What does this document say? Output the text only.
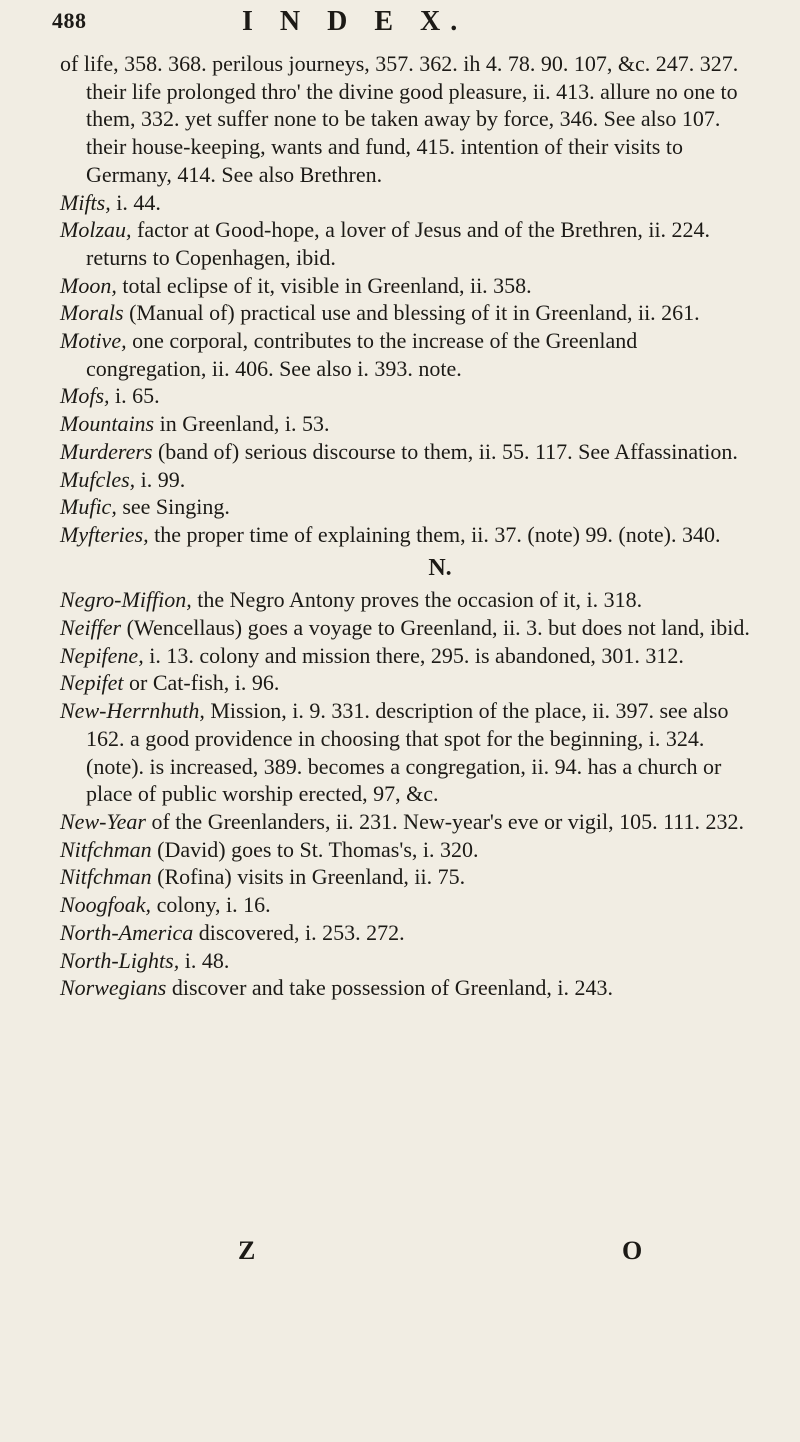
488	I N D E X.

of life, 358. 368. perilous journeys, 357. 362. ih 4. 78. 90. 107, &c. 247. 327. their life prolonged thro' the divine good pleasure, ii. 413. allure no one to them, 332. yet suffer none to be taken away by force, 346. See also 107. their house-keeping, wants and fund, 415. intention of their visits to Germany, 414. See also Brethren.

Mifts, i. 44.

Molzau, factor at Good-hope, a lover of Jesus and of the Brethren, ii. 224. returns to Copenhagen, ibid.

Moon, total eclipse of it, visible in Greenland, ii. 358.

Morals (Manual of) practical use and blessing of it in Greenland, ii. 261.

Motive, one corporal, contributes to the increase of the Greenland congregation, ii. 406. See also i. 393. note.

Mofs, i. 65.

Mountains in Greenland, i. 53.

Murderers (band of) serious discourse to them, ii. 55. 117. See Affassination.

Mufcles, i. 99.

Mufic, see Singing.

Myfteries, the proper time of explaining them, ii. 37. (note) 99. (note). 340.

N.

Negro-Miffion, the Negro Antony proves the occasion of it, i. 318.

Neiffer (Wencellaus) goes a voyage to Greenland, ii. 3. but does not land, ibid.

Nepifene, i. 13. colony and mission there, 295. is abandoned, 301. 312.

Nepifet or Cat-fish, i. 96.

New-Herrnhuth, Mission, i. 9. 331. description of the place, ii. 397. see also 162. a good providence in choosing that spot for the beginning, i. 324. (note). is increased, 389. becomes a congregation, ii. 94. has a church or place of public worship erected, 97, &c.

New-Year of the Greenlanders, ii. 231. New-year's eve or vigil, 105. 111. 232.

Nitfchman (David) goes to St. Thomas's, i. 320.

Nitfchman (Rofina) visits in Greenland, ii. 75.

Noogfoak, colony, i. 16.

North-America discovered, i. 253. 272.

North-Lights, i. 48.

Norwegians discover and take possession of Greenland, i. 243.

Z	O
